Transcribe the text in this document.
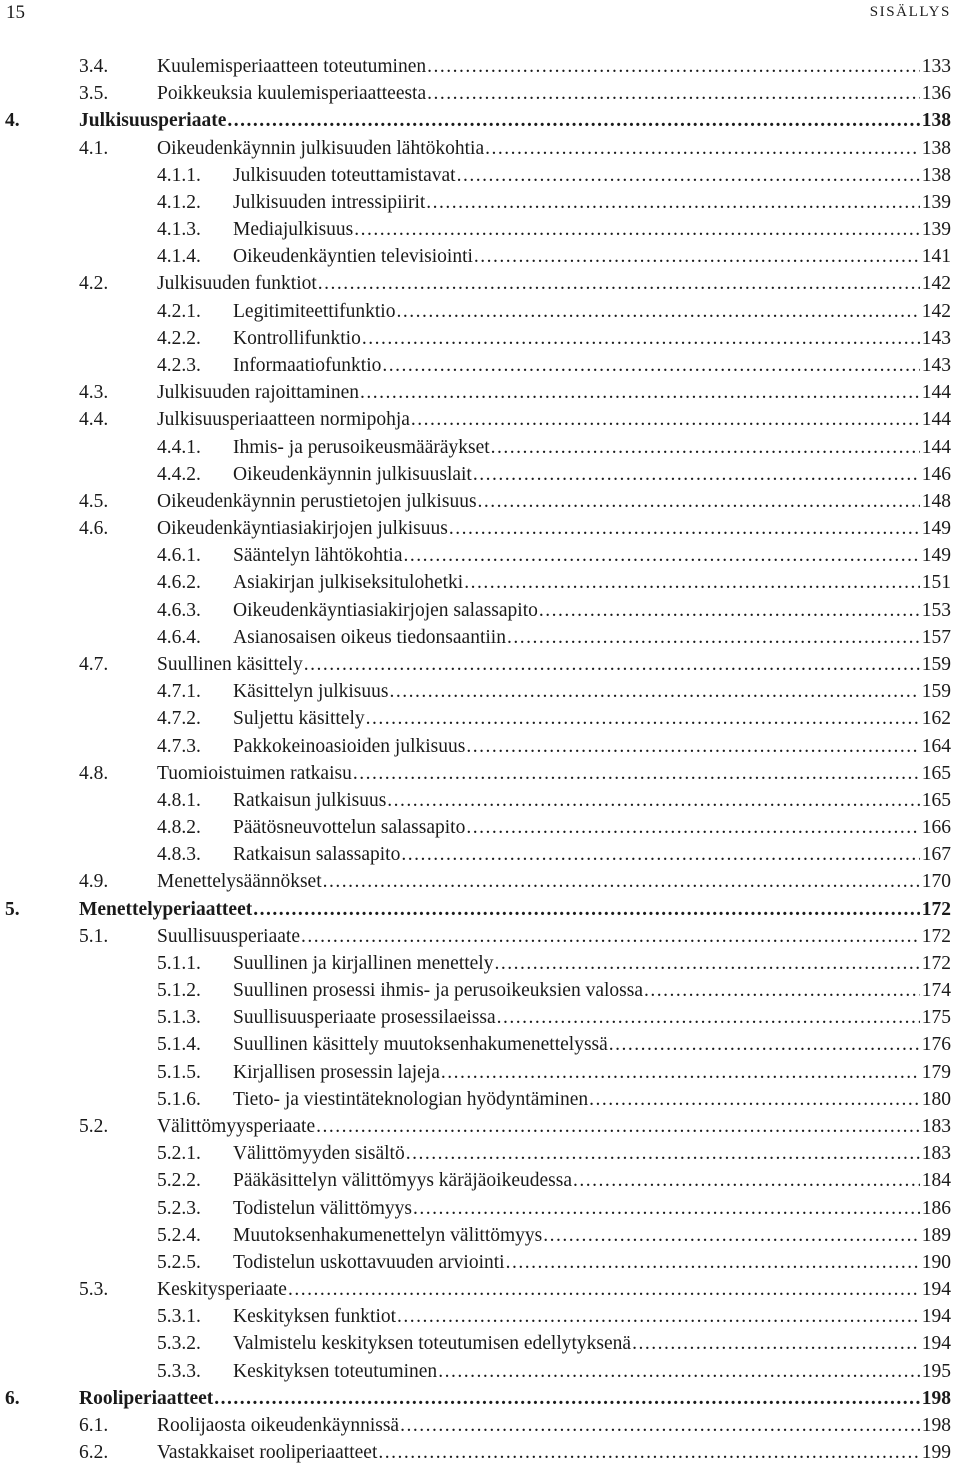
15	SISÄLLYS
3.4.	Kuulemisperiaatteen toteutuminen .....	133
3.5.	Poikkeuksia kuulemisperiaatteesta .....	136
4.	Julkisuusperiaate .....	138
4.1.	Oikeudenkäynnin julkisuuden lähtökohtia .....	138
4.1.1. Julkisuuden toteuttamistavat .....	138
4.1.2. Julkisuuden intressipiirit .....	139
4.1.3. Mediajulkisuus .....	139
4.1.4. Oikeudenkäyntien televisiointi .....	141
4.2.	Julkisuuden funktiot .....	142
4.2.1. Legitimiteettifunktio .....	142
4.2.2. Kontrollifunktio .....	143
4.2.3. Informaatiofunktio .....	143
4.3.	Julkisuuden rajoittaminen .....	144
4.4.	Julkisuusperiaatteen normipohja .....	144
4.4.1. Ihmis- ja perusoikeusmääräykset .....	144
4.4.2. Oikeudenkäynnin julkisuuslait .....	146
4.5.	Oikeudenkäynnin perustietojen julkisuus .....	148
4.6.	Oikeudenkäyntiasiakirjojen julkisuus .....	149
4.6.1. Sääntelyn lähtökohtia .....	149
4.6.2. Asiakirjan julkiseksitulohetki .....	151
4.6.3. Oikeudenkäyntiasiakirjojen salassapito .....	153
4.6.4. Asianosaisen oikeus tiedonsaantiin .....	157
4.7.	Suullinen käsittely .....	159
4.7.1. Käsittelyn julkisuus .....	159
4.7.2. Suljettu käsittely .....	162
4.7.3. Pakkokeinoasioiden julkisuus .....	164
4.8.	Tuomioistuimen ratkaisu .....	165
4.8.1. Ratkaisun julkisuus .....	165
4.8.2. Päätösneuvottelun salassapito .....	166
4.8.3. Ratkaisun salassapito .....	167
4.9.	Menettelysäännökset .....	170
5.	Menettelyperiaatteet .....	172
5.1.	Suullisuusperiaate .....	172
5.1.1. Suullinen ja kirjallinen menettely .....	172
5.1.2. Suullinen prosessi ihmis- ja perusoikeuksien valossa .....	174
5.1.3. Suullisuusperiaate prosessilaeissa .....	175
5.1.4. Suullinen käsittely muutoksenhakumenettelyssä .....	176
5.1.5. Kirjallisen prosessin lajeja .....	179
5.1.6. Tieto- ja viestintäteknologian hyödyntäminen .....	180
5.2.	Välittömyysperiaate .....	183
5.2.1. Välittömyyden sisältö .....	183
5.2.2. Pääkäsittelyn välittömyys käräjäoikeudessa .....	184
5.2.3. Todistelun välittömyys .....	186
5.2.4. Muutoksenhakumenettelyn välittömyys .....	189
5.2.5. Todistelun uskottavuuden arviointi .....	190
5.3.	Keskitysperiaate .....	194
5.3.1. Keskityksen funktiot .....	194
5.3.2. Valmistelu keskityksen toteutumisen edellytyksenä .....	194
5.3.3. Keskityksen toteutuminen .....	195
6.	Rooliperiaatteet .....	198
6.1.	Roolijaosta oikeudenkäynnissä .....	198
6.2.	Vastakkaiset rooliperiaatteet .....	199
